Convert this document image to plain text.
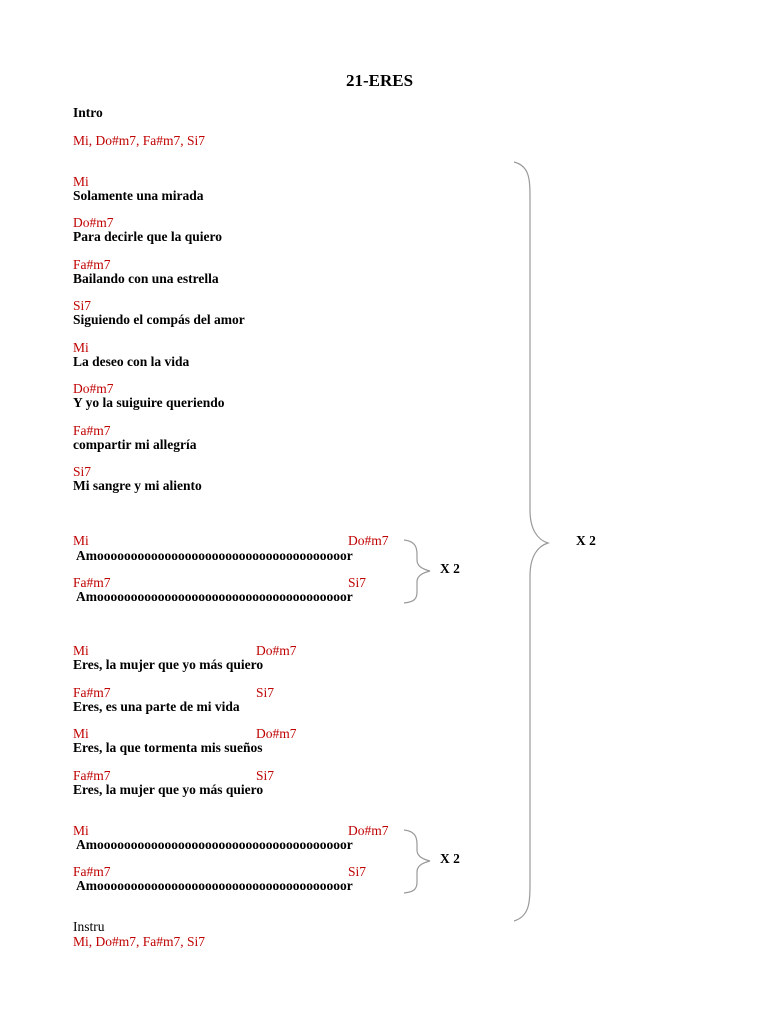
21-ERES
Intro
Mi, Do#m7, Fa#m7, Si7
Mi
Solamente una mirada
Do#m7
Para decirle que la quiero
Fa#m7
Bailando con una estrella
Si7
Siguiendo el compás del amor
Mi
La deseo con la vida
Do#m7
Y yo la suiguire queriendo
Fa#m7
compartir mi allegría
Si7
Mi sangre y mi aliento
Mi	Do#m7
Amooooooooooooooooooooooooooooooooooooor
Fa#m7	Si7
Amooooooooooooooooooooooooooooooooooooor
X 2
Mi	Do#m7
Eres, la mujer que yo más quiero
Fa#m7	Si7
Eres, es una parte de mi vida
Mi	Do#m7
Eres, la que tormenta mis sueños
Fa#m7	Si7
Eres, la mujer que yo más quiero
Mi	Do#m7
Amooooooooooooooooooooooooooooooooooooor
Fa#m7	Si7
Amooooooooooooooooooooooooooooooooooooor
X 2
X 2
Instru
Mi, Do#m7, Fa#m7, Si7
